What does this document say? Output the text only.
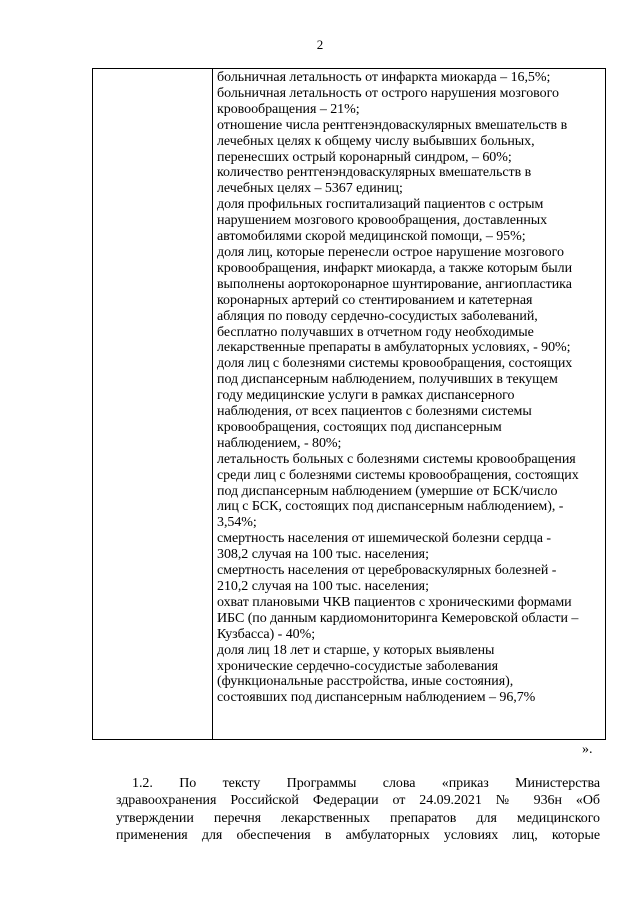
2
больничная летальность от инфаркта миокарда – 16,5%;
больничная летальность от острого нарушения мозгового
кровообращения – 21%;
отношение числа рентгенэндоваскулярных вмешательств в
лечебных целях к общему числу выбывших больных,
перенесших острый коронарный синдром, – 60%;
количество рентгенэндоваскулярных вмешательств в
лечебных целях – 5367 единиц;
доля профильных госпитализаций пациентов с острым
нарушением мозгового кровообращения, доставленных
автомобилями скорой медицинской помощи, – 95%;
доля лиц, которые перенесли острое нарушение мозгового
кровообращения, инфаркт миокарда, а также которым были
выполнены аортокоронарное шунтирование, ангиопластика
коронарных артерий со стентированием и катетерная
абляция по поводу сердечно-сосудистых заболеваний,
бесплатно получавших в отчетном году необходимые
лекарственные препараты в амбулаторных условиях, - 90%;
доля лиц с болезнями системы кровообращения, состоящих
под диспансерным наблюдением, получивших в текущем
году медицинские услуги в рамках диспансерного
наблюдения, от всех пациентов с болезнями системы
кровообращения, состоящих под диспансерным
наблюдением, - 80%;
летальность больных с болезнями системы кровообращения
среди лиц с болезнями системы кровообращения, состоящих
под диспансерным наблюдением (умершие от БСК/число
лиц с БСК, состоящих под диспансерным наблюдением), -
3,54%;
смертность населения от ишемической болезни сердца -
308,2 случая на 100 тыс. населения;
смертность населения от цереброваскулярных болезней -
210,2 случая на 100 тыс. населения;
охват плановыми ЧКВ пациентов с хроническими формами
ИБС (по данным кардиомониторинга Кемеровской области –
Кузбасса) - 40%;
доля лиц 18 лет и старше, у которых выявлены
хронические сердечно-сосудистые заболевания
(функциональные расстройства, иные состояния),
состоявших под диспансерным наблюдением – 96,7%
».
1.2. По тексту Программы слова «приказ Министерства
здравоохранения Российской Федерации от 24.09.2021 № 936н «Об
утверждении перечня лекарственных препаратов для медицинского
применения для обеспечения в амбулаторных условиях лиц, которые
